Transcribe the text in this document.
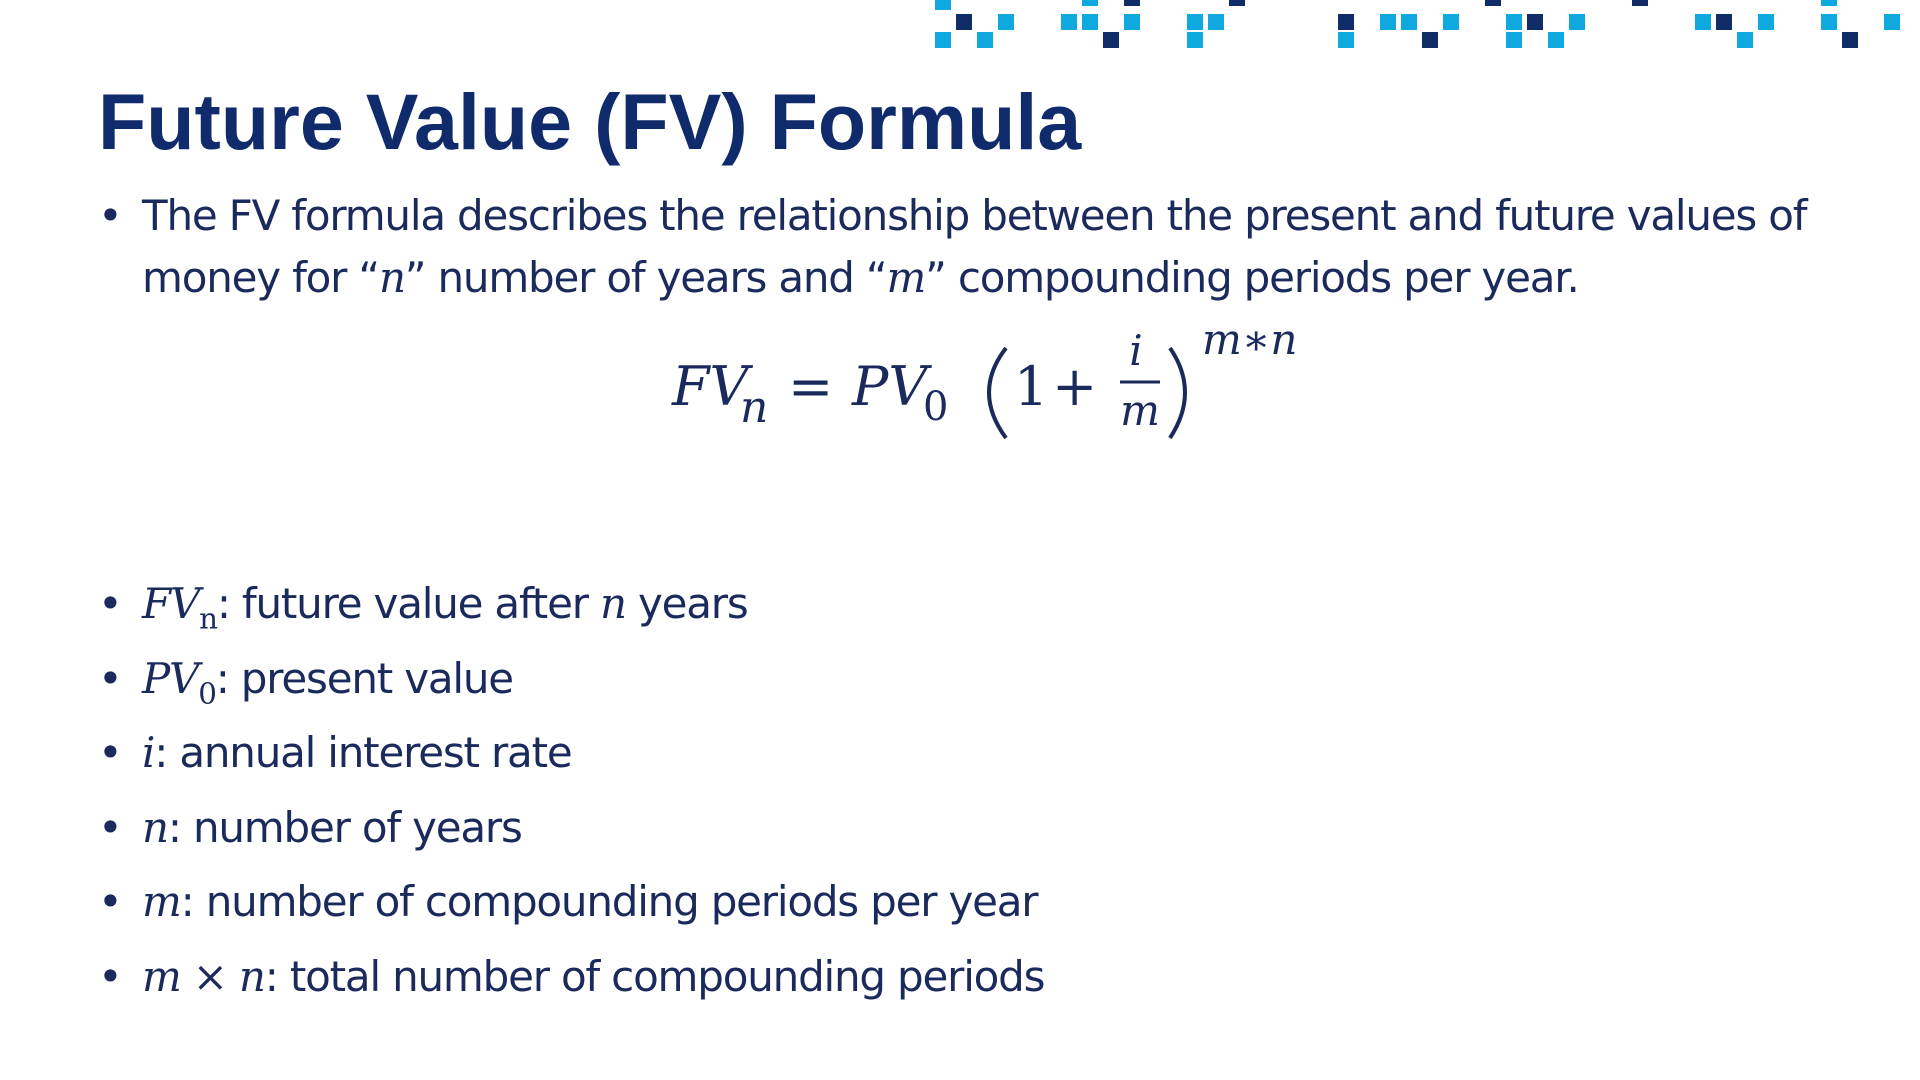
Future Value (FV) Formula
• The FV formula describes the relationship between the present and future values of money for “n” number of years and “m” compounding periods per year.
FV
n = PV
0 1 +
i
m
m∗n
• $FV_n$: future value after n years
• $PV_0$: present value
• i: annual interest rate
• n: number of years
• m: number of compounding periods per year
• m × n: total number of compounding periods
